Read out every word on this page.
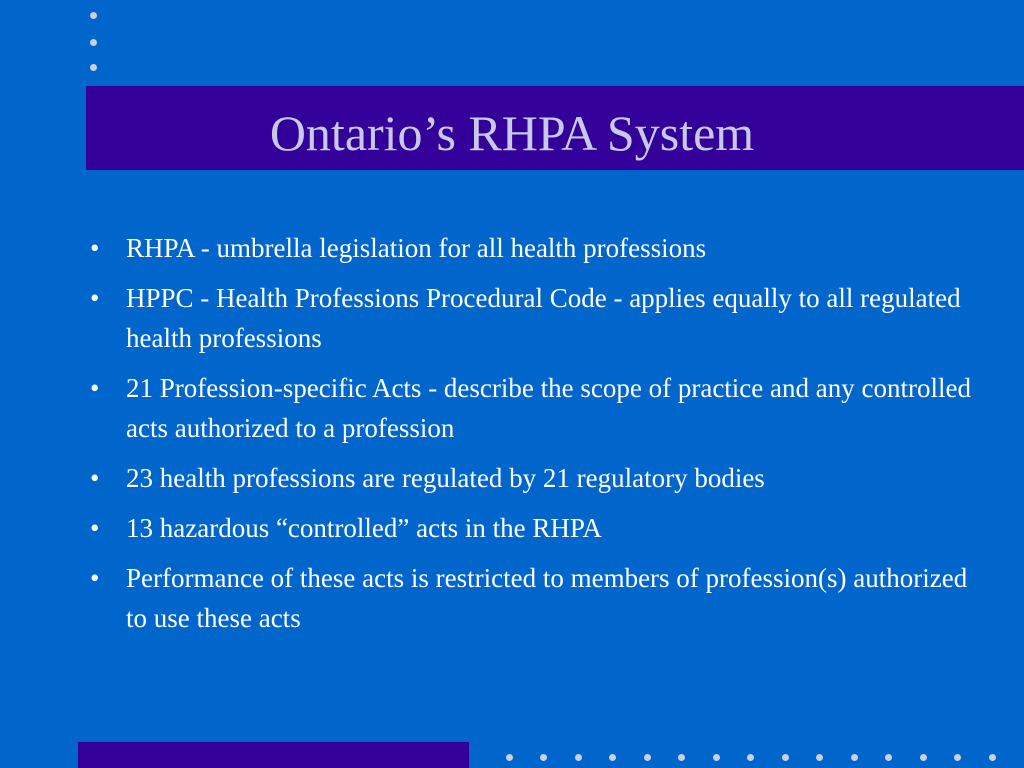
Ontario’s RHPA System
• RHPA - umbrella legislation for all health professions
• HPPC - Health Professions Procedural Code - applies equally to all regulated health professions
• 21 Profession-specific Acts - describe the scope of practice and any controlled acts authorized to a profession
• 23 health professions are regulated by 21 regulatory bodies
• 13 hazardous “controlled” acts in the RHPA
• Performance of these acts is restricted to members of profession(s) authorized to use these acts
